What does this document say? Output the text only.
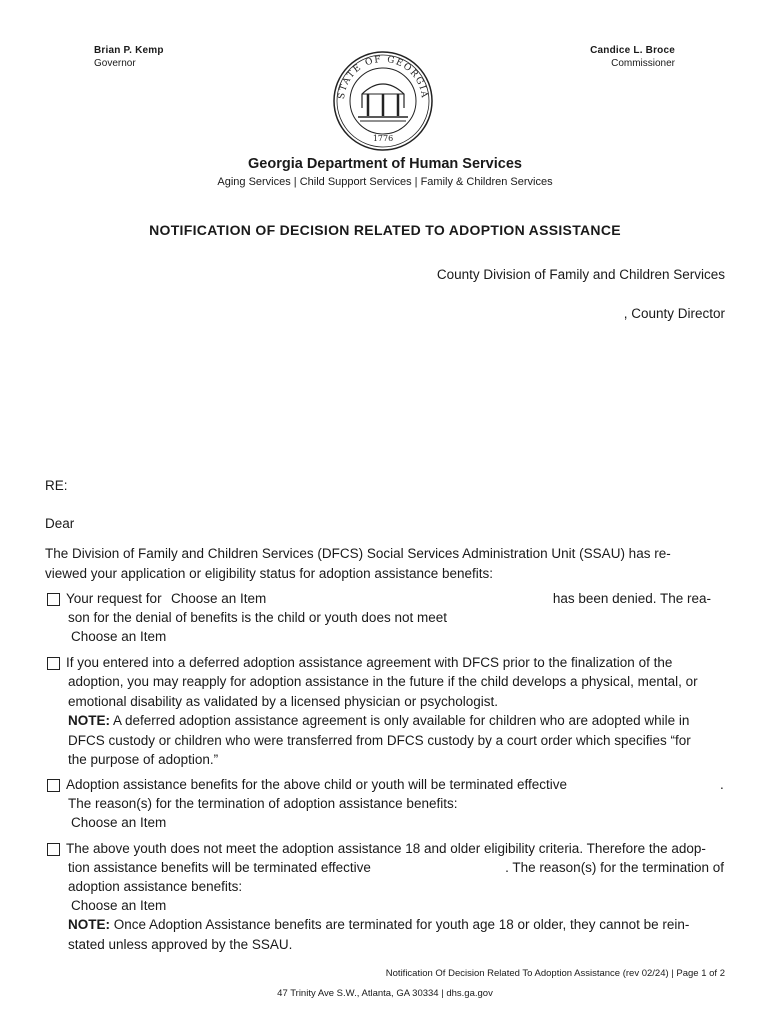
Brian P. Kemp
Governor
Candice L. Broce
Commissioner
STATE OF GEORGIA
1776
Georgia Department of Human Services
Aging Services | Child Support Services | Family & Children Services
NOTIFICATION OF DECISION RELATED TO ADOPTION ASSISTANCE
County Division of Family and Children Services
, County Director
RE:
Dear
The Division of Family and Children Services (DFCS) Social Services Administration Unit (SSAU) has re-
viewed your application or eligibility status for adoption assistance benefits:
Your request for Choose an Item	has been denied. The rea-
son for the denial of benefits is the child or youth does not meet
Choose an Item
If you entered into a deferred adoption assistance agreement with DFCS prior to the finalization of the
adoption, you may reapply for adoption assistance in the future if the child develops a physical, mental, or
emotional disability as validated by a licensed physician or psychologist.
NOTE: A deferred adoption assistance agreement is only available for children who are adopted while in
DFCS custody or children who were transferred from DFCS custody by a court order which specifies “for
the purpose of adoption.”
Adoption assistance benefits for the above child or youth will be terminated effective	.
The reason(s) for the termination of adoption assistance benefits:
Choose an Item
The above youth does not meet the adoption assistance 18 and older eligibility criteria. Therefore the adop-
tion assistance benefits will be terminated effective	. The reason(s) for the termination of
adoption assistance benefits:
Choose an Item
NOTE: Once Adoption Assistance benefits are terminated for youth age 18 or older, they cannot be rein-
stated unless approved by the SSAU.
Notification Of Decision Related To Adoption Assistance (rev 02/24) | Page 1 of 2
47 Trinity Ave S.W., Atlanta, GA 30334 | dhs.ga.gov
